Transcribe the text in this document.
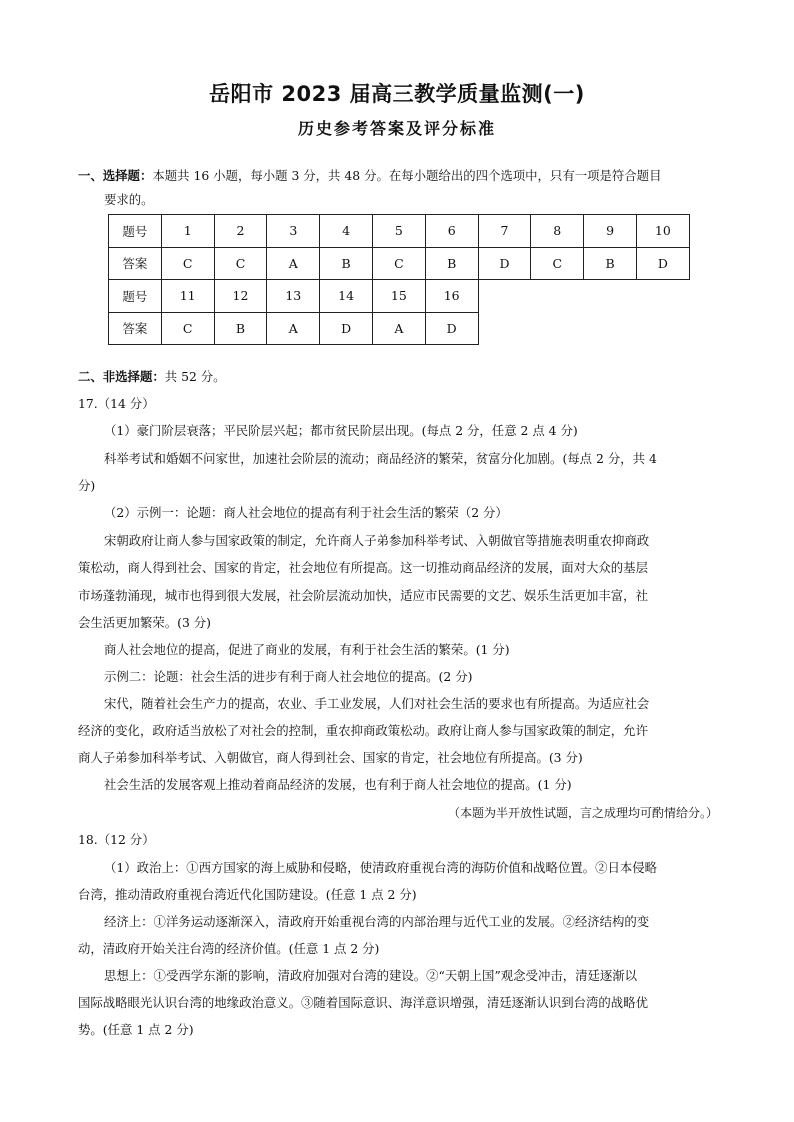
岳阳市 2023 届高三教学质量监测(一)
历史参考答案及评分标准
一、选择题：本题共 16 小题，每小题 3 分，共 48 分。在每小题给出的四个选项中，只有一项是符合题目
要求的。
题号	1	2	3	4	5	6	7	8	9	10
答案	C	C	A	B	C	B	D	C	B	D
题号	11	12	13	14	15	16				
答案	C	B	A	D	A	D				
二、非选择题：共 52 分。
17.（14 分）
（1）豪门阶层衰落；平民阶层兴起；都市贫民阶层出现。(每点 2 分，任意 2 点 4 分)
科举考试和婚姻不问家世，加速社会阶层的流动；商品经济的繁荣，贫富分化加剧。(每点 2 分，共 4
分)
（2）示例一：论题：商人社会地位的提高有利于社会生活的繁荣（2 分）
宋朝政府让商人参与国家政策的制定，允许商人子弟参加科举考试、入朝做官等措施表明重农抑商政
策松动，商人得到社会、国家的肯定，社会地位有所提高。这一切推动商品经济的发展，面对大众的基层
市场蓬勃涌现，城市也得到很大发展，社会阶层流动加快，适应市民需要的文艺、娱乐生活更加丰富，社
会生活更加繁荣。(3 分)
商人社会地位的提高，促进了商业的发展，有利于社会生活的繁荣。(1 分)
示例二：论题：社会生活的进步有利于商人社会地位的提高。(2 分)
宋代，随着社会生产力的提高，农业、手工业发展，人们对社会生活的要求也有所提高。为适应社会
经济的变化，政府适当放松了对社会的控制，重农抑商政策松动。政府让商人参与国家政策的制定，允许
商人子弟参加科举考试、入朝做官，商人得到社会、国家的肯定，社会地位有所提高。(3 分)
社会生活的发展客观上推动着商品经济的发展，也有利于商人社会地位的提高。(1 分)
（本题为半开放性试题，言之成理均可酌情给分。）
18.（12 分）
（1）政治上：①西方国家的海上威胁和侵略，使清政府重视台湾的海防价值和战略位置。②日本侵略
台湾，推动清政府重视台湾近代化国防建设。(任意 1 点 2 分)
经济上：①洋务运动逐渐深入，清政府开始重视台湾的内部治理与近代工业的发展。②经济结构的变
动，清政府开始关注台湾的经济价值。(任意 1 点 2 分)
思想上：①受西学东渐的影响，清政府加强对台湾的建设。②“天朝上国”观念受冲击，清廷逐渐以
国际战略眼光认识台湾的地缘政治意义。③随着国际意识、海洋意识增强，清廷逐渐认识到台湾的战略优
势。(任意 1 点 2 分)
